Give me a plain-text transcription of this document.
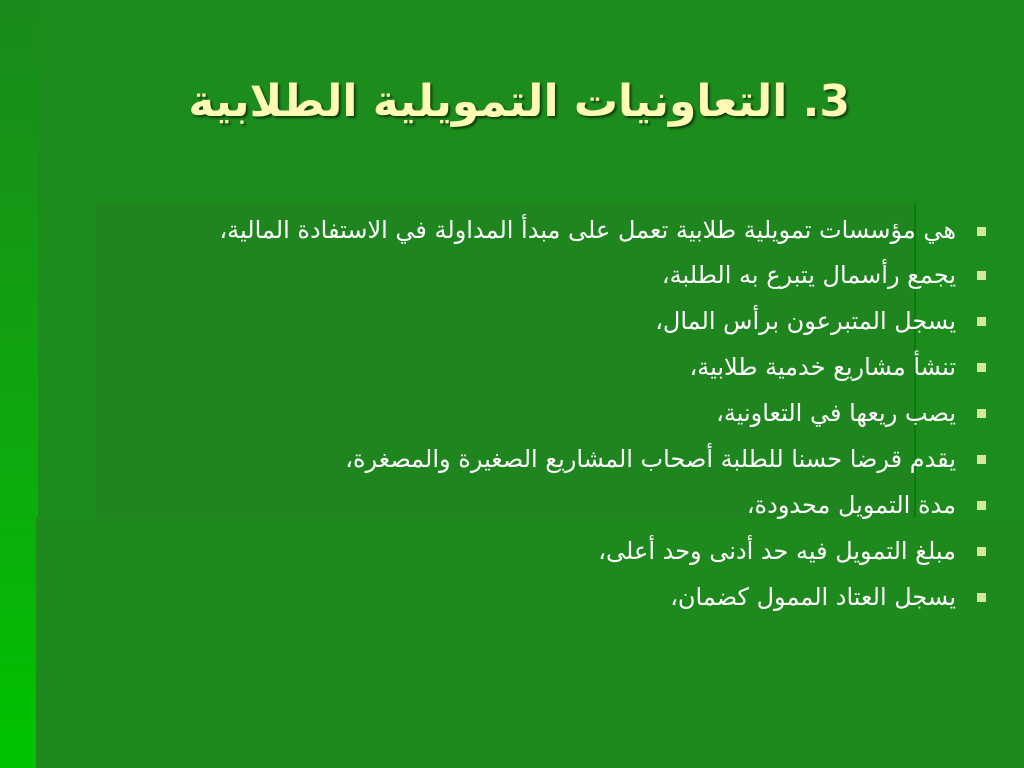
3. التعاونيات التمويلية الطلابية
هي مؤسسات تمويلية طلابية تعمل على مبدأ المداولة في الاستفادة المالية،
يجمع رأسمال يتبرع به الطلبة،
يسجل المتبرعون برأس المال،
تنشأ مشاريع خدمية طلابية،
يصب ريعها في التعاونية،
يقدم قرضا حسنا للطلبة أصحاب المشاريع الصغيرة والمصغرة،
مدة التمويل محدودة،
مبلغ التمويل فيه حد أدنى وحد أعلى،
يسجل العتاد الممول كضمان،
